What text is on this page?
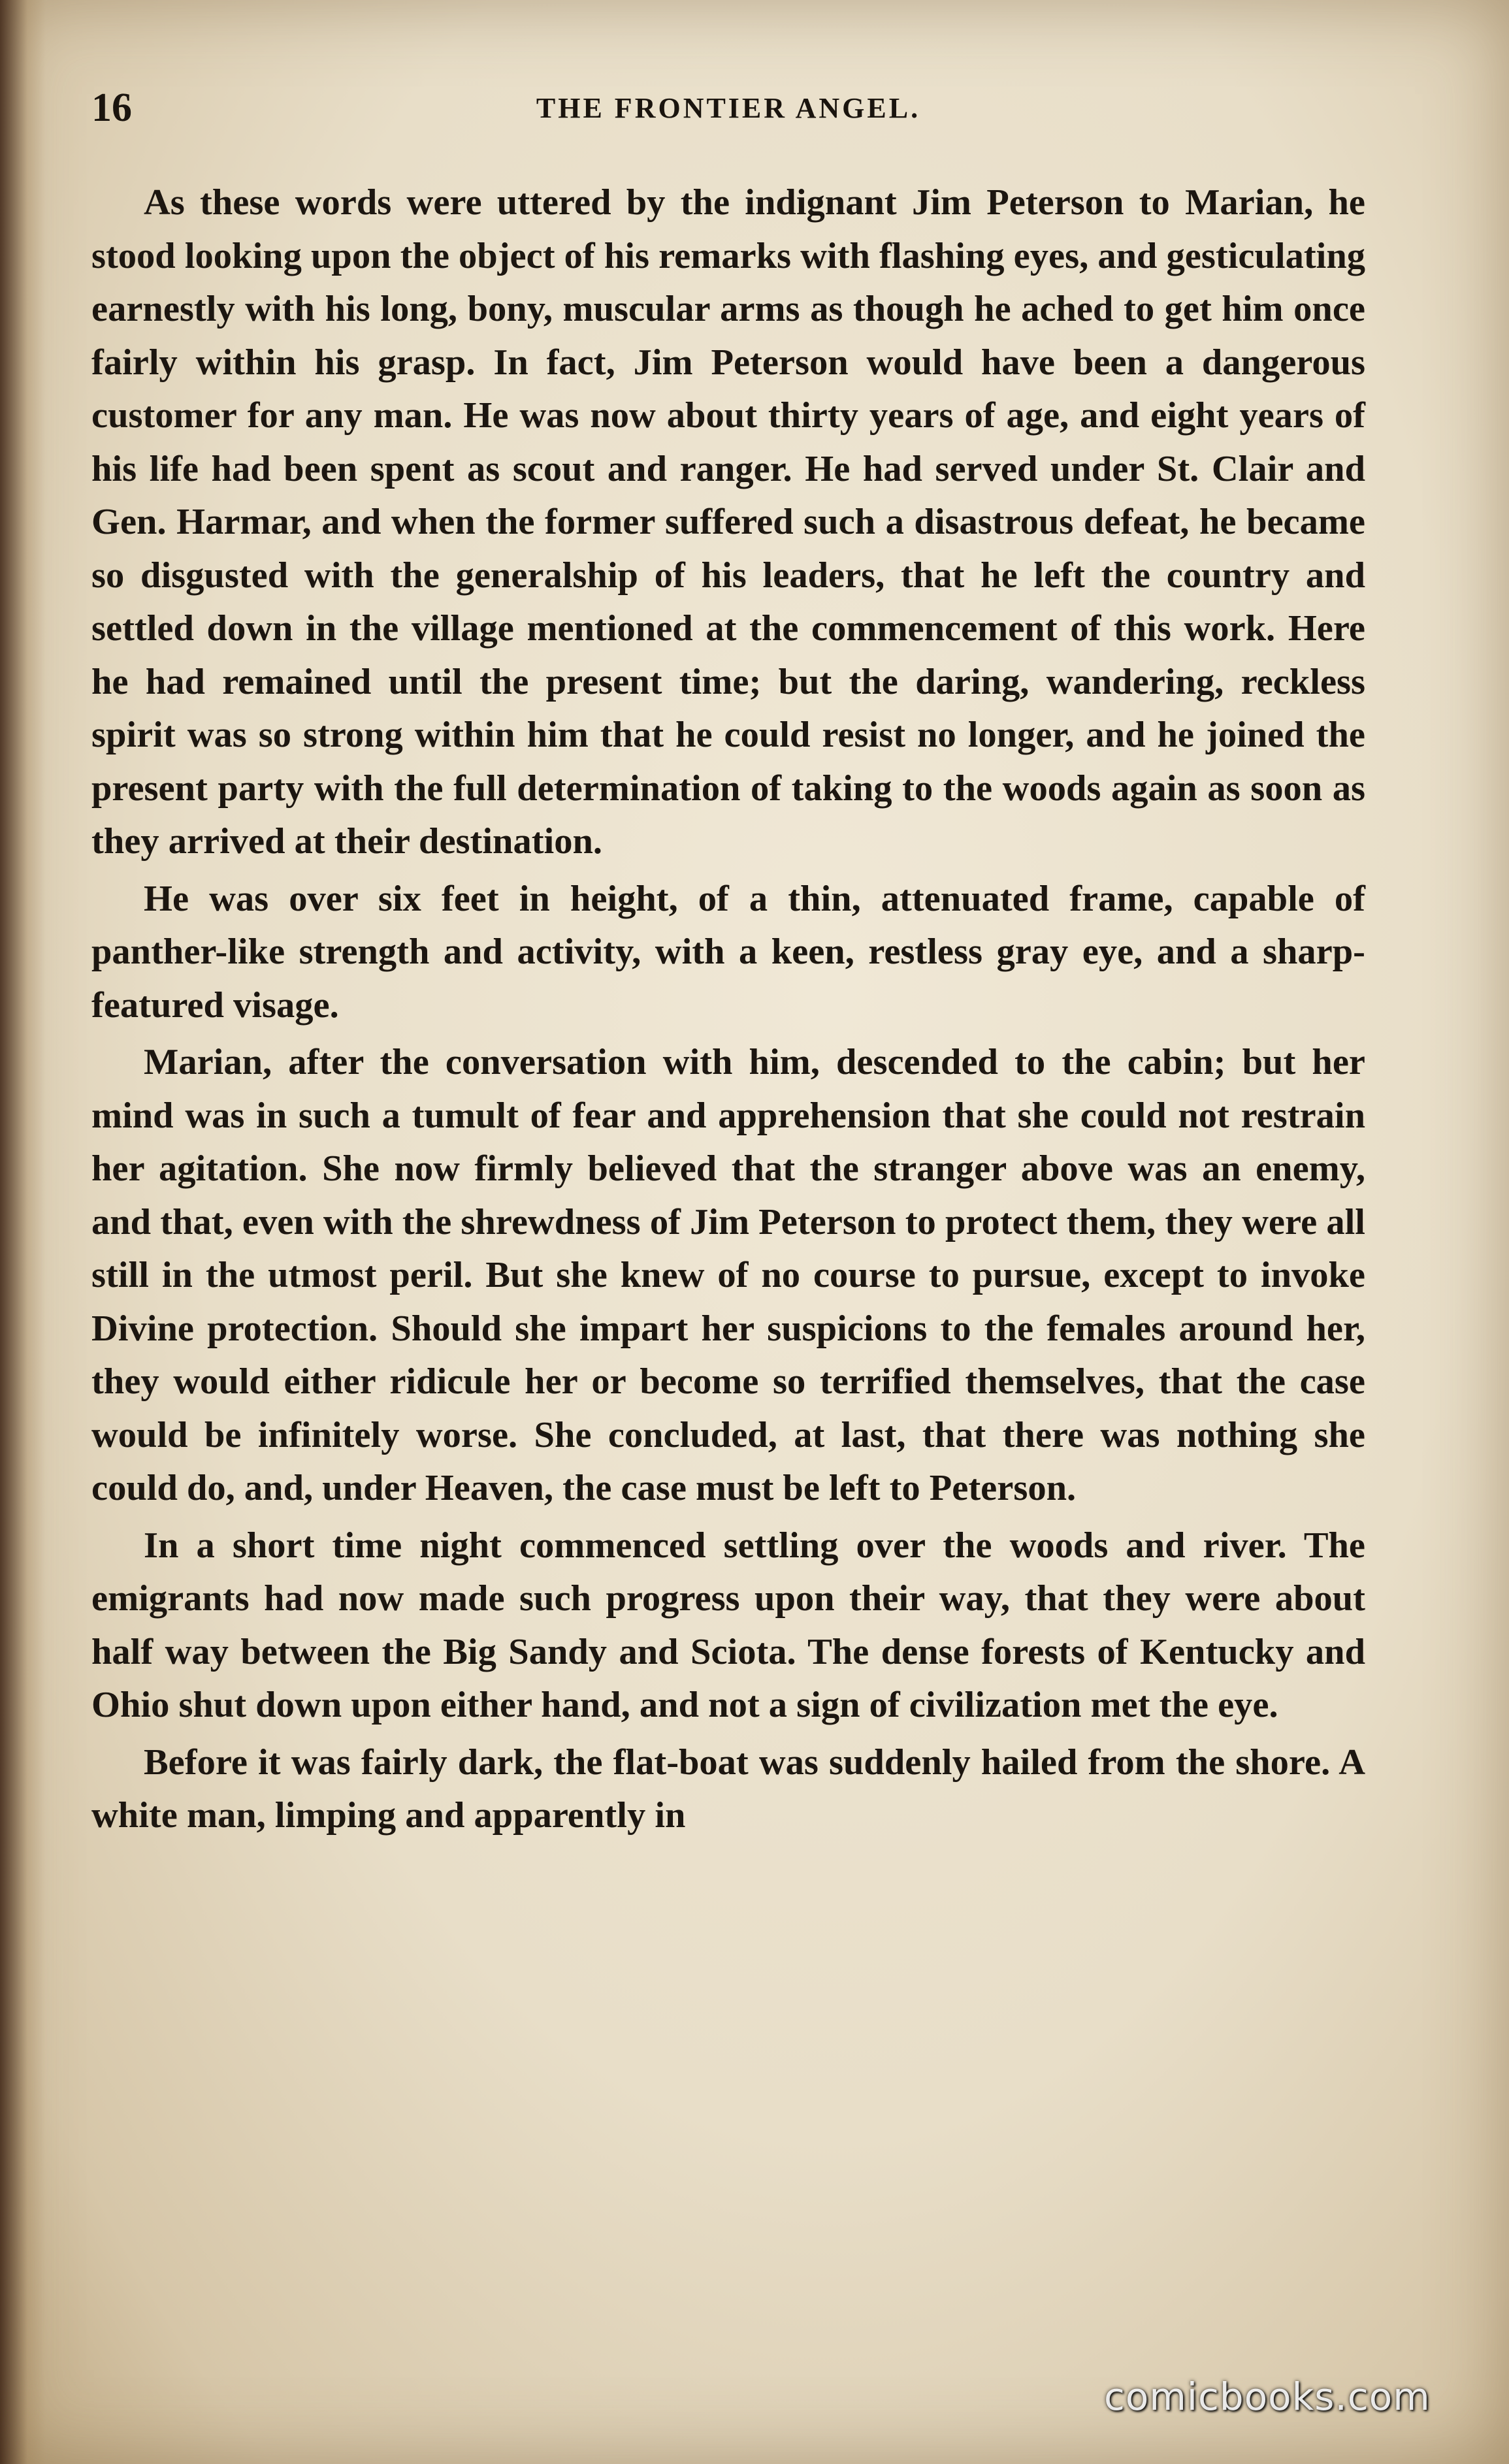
16	THE FRONTIER ANGEL.

As these words were uttered by the indignant Jim Peterson to Marian, he stood looking upon the object of his remarks with flashing eyes, and gesticulating earnestly with his long, bony, muscular arms as though he ached to get him once fairly within his grasp. In fact, Jim Peterson would have been a dangerous customer for any man. He was now about thirty years of age, and eight years of his life had been spent as scout and ranger. He had served under St. Clair and Gen. Harmar, and when the former suffered such a disastrous defeat, he became so disgusted with the generalship of his leaders, that he left the country and settled down in the village mentioned at the commencement of this work. Here he had remained until the present time; but the daring, wandering, reckless spirit was so strong within him that he could resist no longer, and he joined the present party with the full determination of taking to the woods again as soon as they arrived at their destination.

He was over six feet in height, of a thin, attenuated frame, capable of panther-like strength and activity, with a keen, restless gray eye, and a sharp-featured visage.

Marian, after the conversation with him, descended to the cabin; but her mind was in such a tumult of fear and apprehension that she could not restrain her agitation. She now firmly believed that the stranger above was an enemy, and that, even with the shrewdness of Jim Peterson to protect them, they were all still in the utmost peril. But she knew of no course to pursue, except to invoke Divine protection. Should she impart her suspicions to the females around her, they would either ridicule her or become so terrified themselves, that the case would be infinitely worse. She concluded, at last, that there was nothing she could do, and, under Heaven, the case must be left to Peterson.

In a short time night commenced settling over the woods and river. The emigrants had now made such progress upon their way, that they were about half way between the Big Sandy and Sciota. The dense forests of Kentucky and Ohio shut down upon either hand, and not a sign of civilization met the eye.

Before it was fairly dark, the flat-boat was suddenly hailed from the shore. A white man, limping and apparently in

comicbooks.com
